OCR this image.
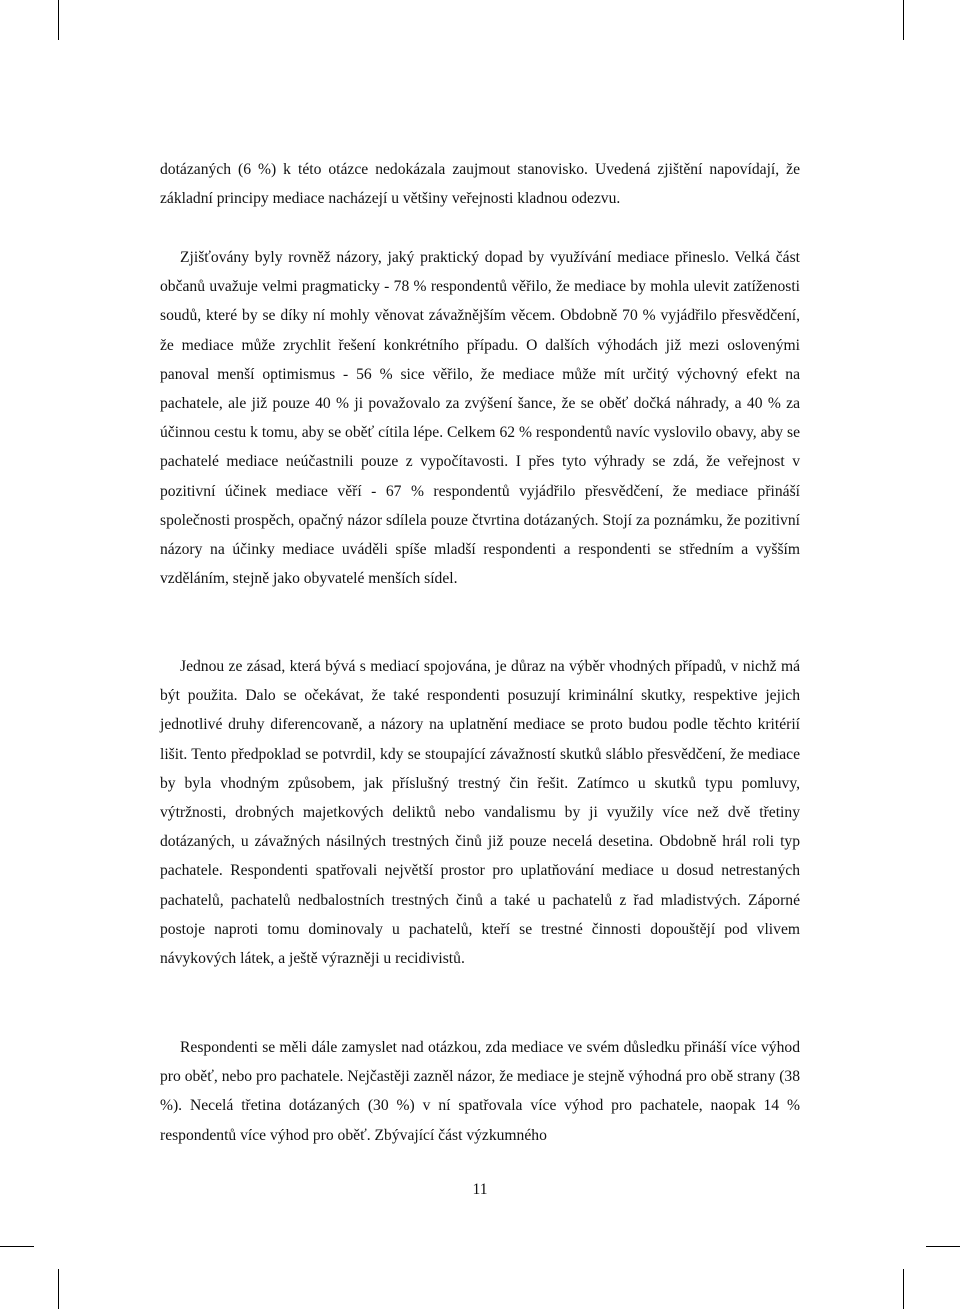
dotázaných (6 %) k této otázce nedokázala zaujmout stanovisko. Uvedená zjištění napovídají, že základní principy mediace nacházejí u většiny veřejnosti kladnou odezvu.

Zjišťovány byly rovněž názory, jaký praktický dopad by využívání mediace přineslo. Velká část občanů uvažuje velmi pragmaticky - 78 % respondentů věřilo, že mediace by mohla ulevit zatíženosti soudů, které by se díky ní mohly věnovat závažnějším věcem. Obdobně 70 % vyjádřilo přesvědčení, že mediace může zrychlit řešení konkrétního případu. O dalších výhodách již mezi oslovenými panoval menší optimismus - 56 % sice věřilo, že mediace může mít určitý výchovný efekt na pachatele, ale již pouze 40 % ji považovalo za zvýšení šance, že se oběť dočká náhrady, a 40 % za účinnou cestu k tomu, aby se oběť cítila lépe. Celkem 62 % respondentů navíc vyslovilo obavy, aby se pachatelé mediace neúčastnili pouze z vypočítavosti. I přes tyto výhrady se zdá, že veřejnost v pozitivní účinek mediace věří - 67 % respondentů vyjádřilo přesvědčení, že mediace přináší společnosti prospěch, opačný názor sdílela pouze čtvrtina dotázaných. Stojí za poznámku, že pozitivní názory na účinky mediace uváděli spíše mladší respondenti a respondenti se středním a vyšším vzděláním, stejně jako obyvatelé menších sídel.

Jednou ze zásad, která bývá s mediací spojována, je důraz na výběr vhodných případů, v nichž má být použita. Dalo se očekávat, že také respondenti posuzují kriminální skutky, respektive jejich jednotlivé druhy diferencovaně, a názory na uplatnění mediace se proto budou podle těchto kritérií lišit. Tento předpoklad se potvrdil, kdy se stoupající závažností skutků sláblo přesvědčení, že mediace by byla vhodným způsobem, jak příslušný trestný čin řešit. Zatímco u skutků typu pomluvy, výtržnosti, drobných majetkových deliktů nebo vandalismu by ji využily více než dvě třetiny dotázaných, u závažných násilných trestných činů již pouze necelá desetina. Obdobně hrál roli typ pachatele. Respondenti spatřovali největší prostor pro uplatňování mediace u dosud netrestaných pachatelů, pachatelů nedbalostních trestných činů a také u pachatelů z řad mladistvých. Záporné postoje naproti tomu dominovaly u pachatelů, kteří se trestné činnosti dopouštějí pod vlivem návykových látek, a ještě výrazněji u recidivistů.

Respondenti se měli dále zamyslet nad otázkou, zda mediace ve svém důsledku přináší více výhod pro oběť, nebo pro pachatele. Nejčastěji zazněl názor, že mediace je stejně výhodná pro obě strany (38 %). Necelá třetina dotázaných (30 %) v ní spatřovala více výhod pro pachatele, naopak 14 % respondentů více výhod pro oběť. Zbývající část výzkumného

11
